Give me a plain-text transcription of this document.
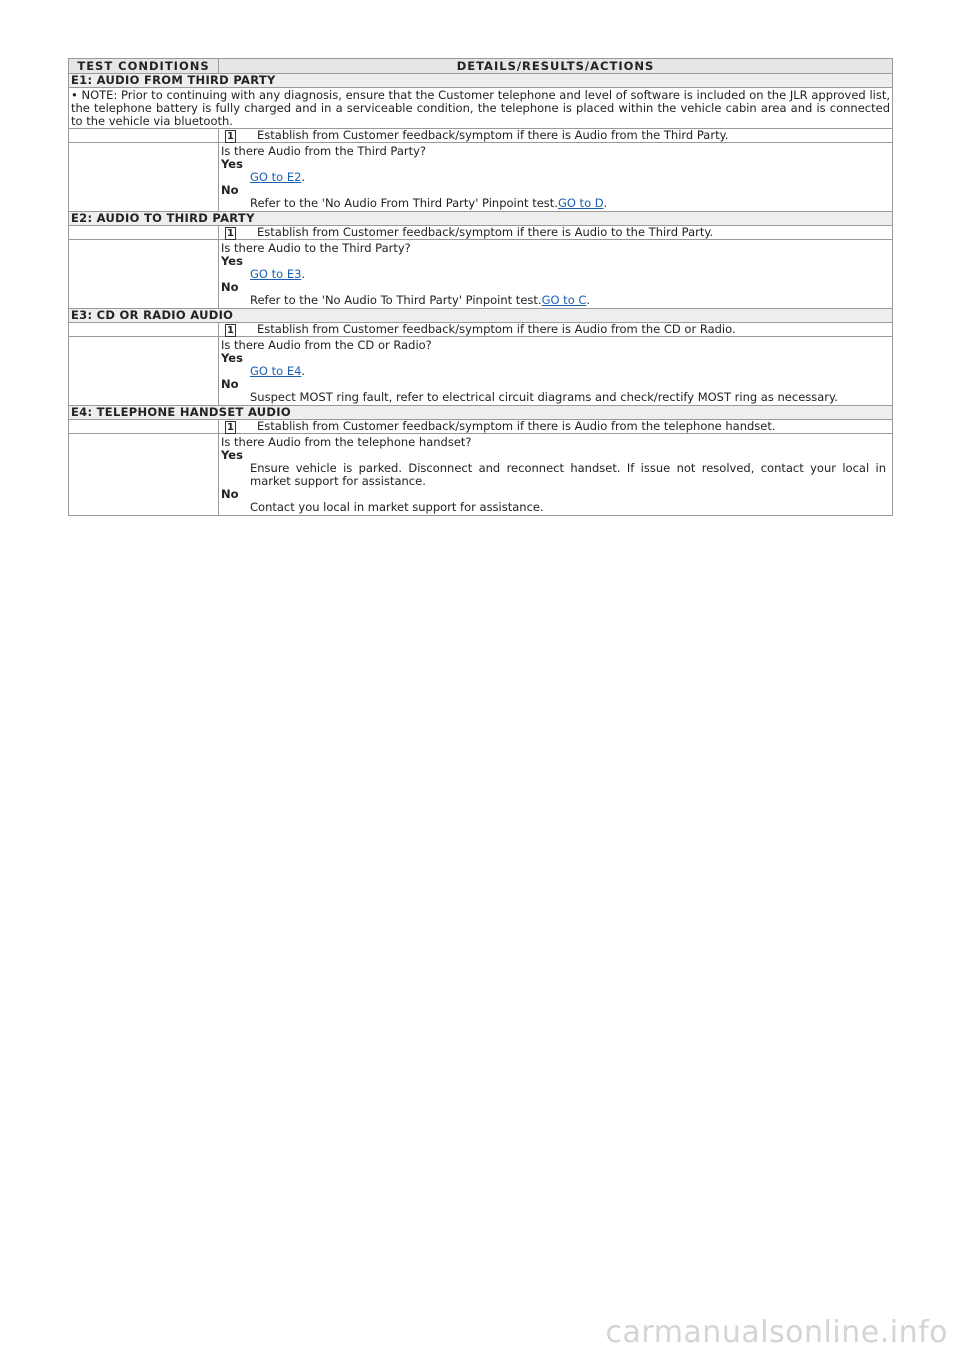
TEST CONDITIONS	DETAILS/RESULTS/ACTIONS
E1: AUDIO FROM THIRD PARTY	
• NOTE: Prior to continuing with any diagnosis, ensure that the Customer telephone and level of software is included on the JLR approved list, the telephone battery is fully charged and in a serviceable condition, the telephone is placed within the vehicle cabin area and is connected to the vehicle via bluetooth.	

	1 Establish from Customer feedback/symptom if there is Audio from the Third Party.
	Is there Audio from the Third Party?
Yes
GO to E2.
No
Refer to the 'No Audio From Third Party' Pinpoint test.GO to D.

E2: AUDIO TO THIRD PARTY	

	1 Establish from Customer feedback/symptom if there is Audio to the Third Party.
	Is there Audio to the Third Party?
Yes
GO to E3.
No
Refer to the 'No Audio To Third Party' Pinpoint test.GO to C.

E3: CD OR RADIO AUDIO	

	1 Establish from Customer feedback/symptom if there is Audio from the CD or Radio.
	Is there Audio from the CD or Radio?
Yes
GO to E4.
No
Suspect MOST ring fault, refer to electrical circuit diagrams and check/rectify MOST ring as necessary.

E4: TELEPHONE HANDSET AUDIO	

	1 Establish from Customer feedback/symptom if there is Audio from the telephone handset.
	Is there Audio from the telephone handset?
Yes
Ensure vehicle is parked. Disconnect and reconnect handset. If issue not resolved, contact your local in market support for assistance.
No
Contact you local in market support for assistance.
carmanualsonline.info
